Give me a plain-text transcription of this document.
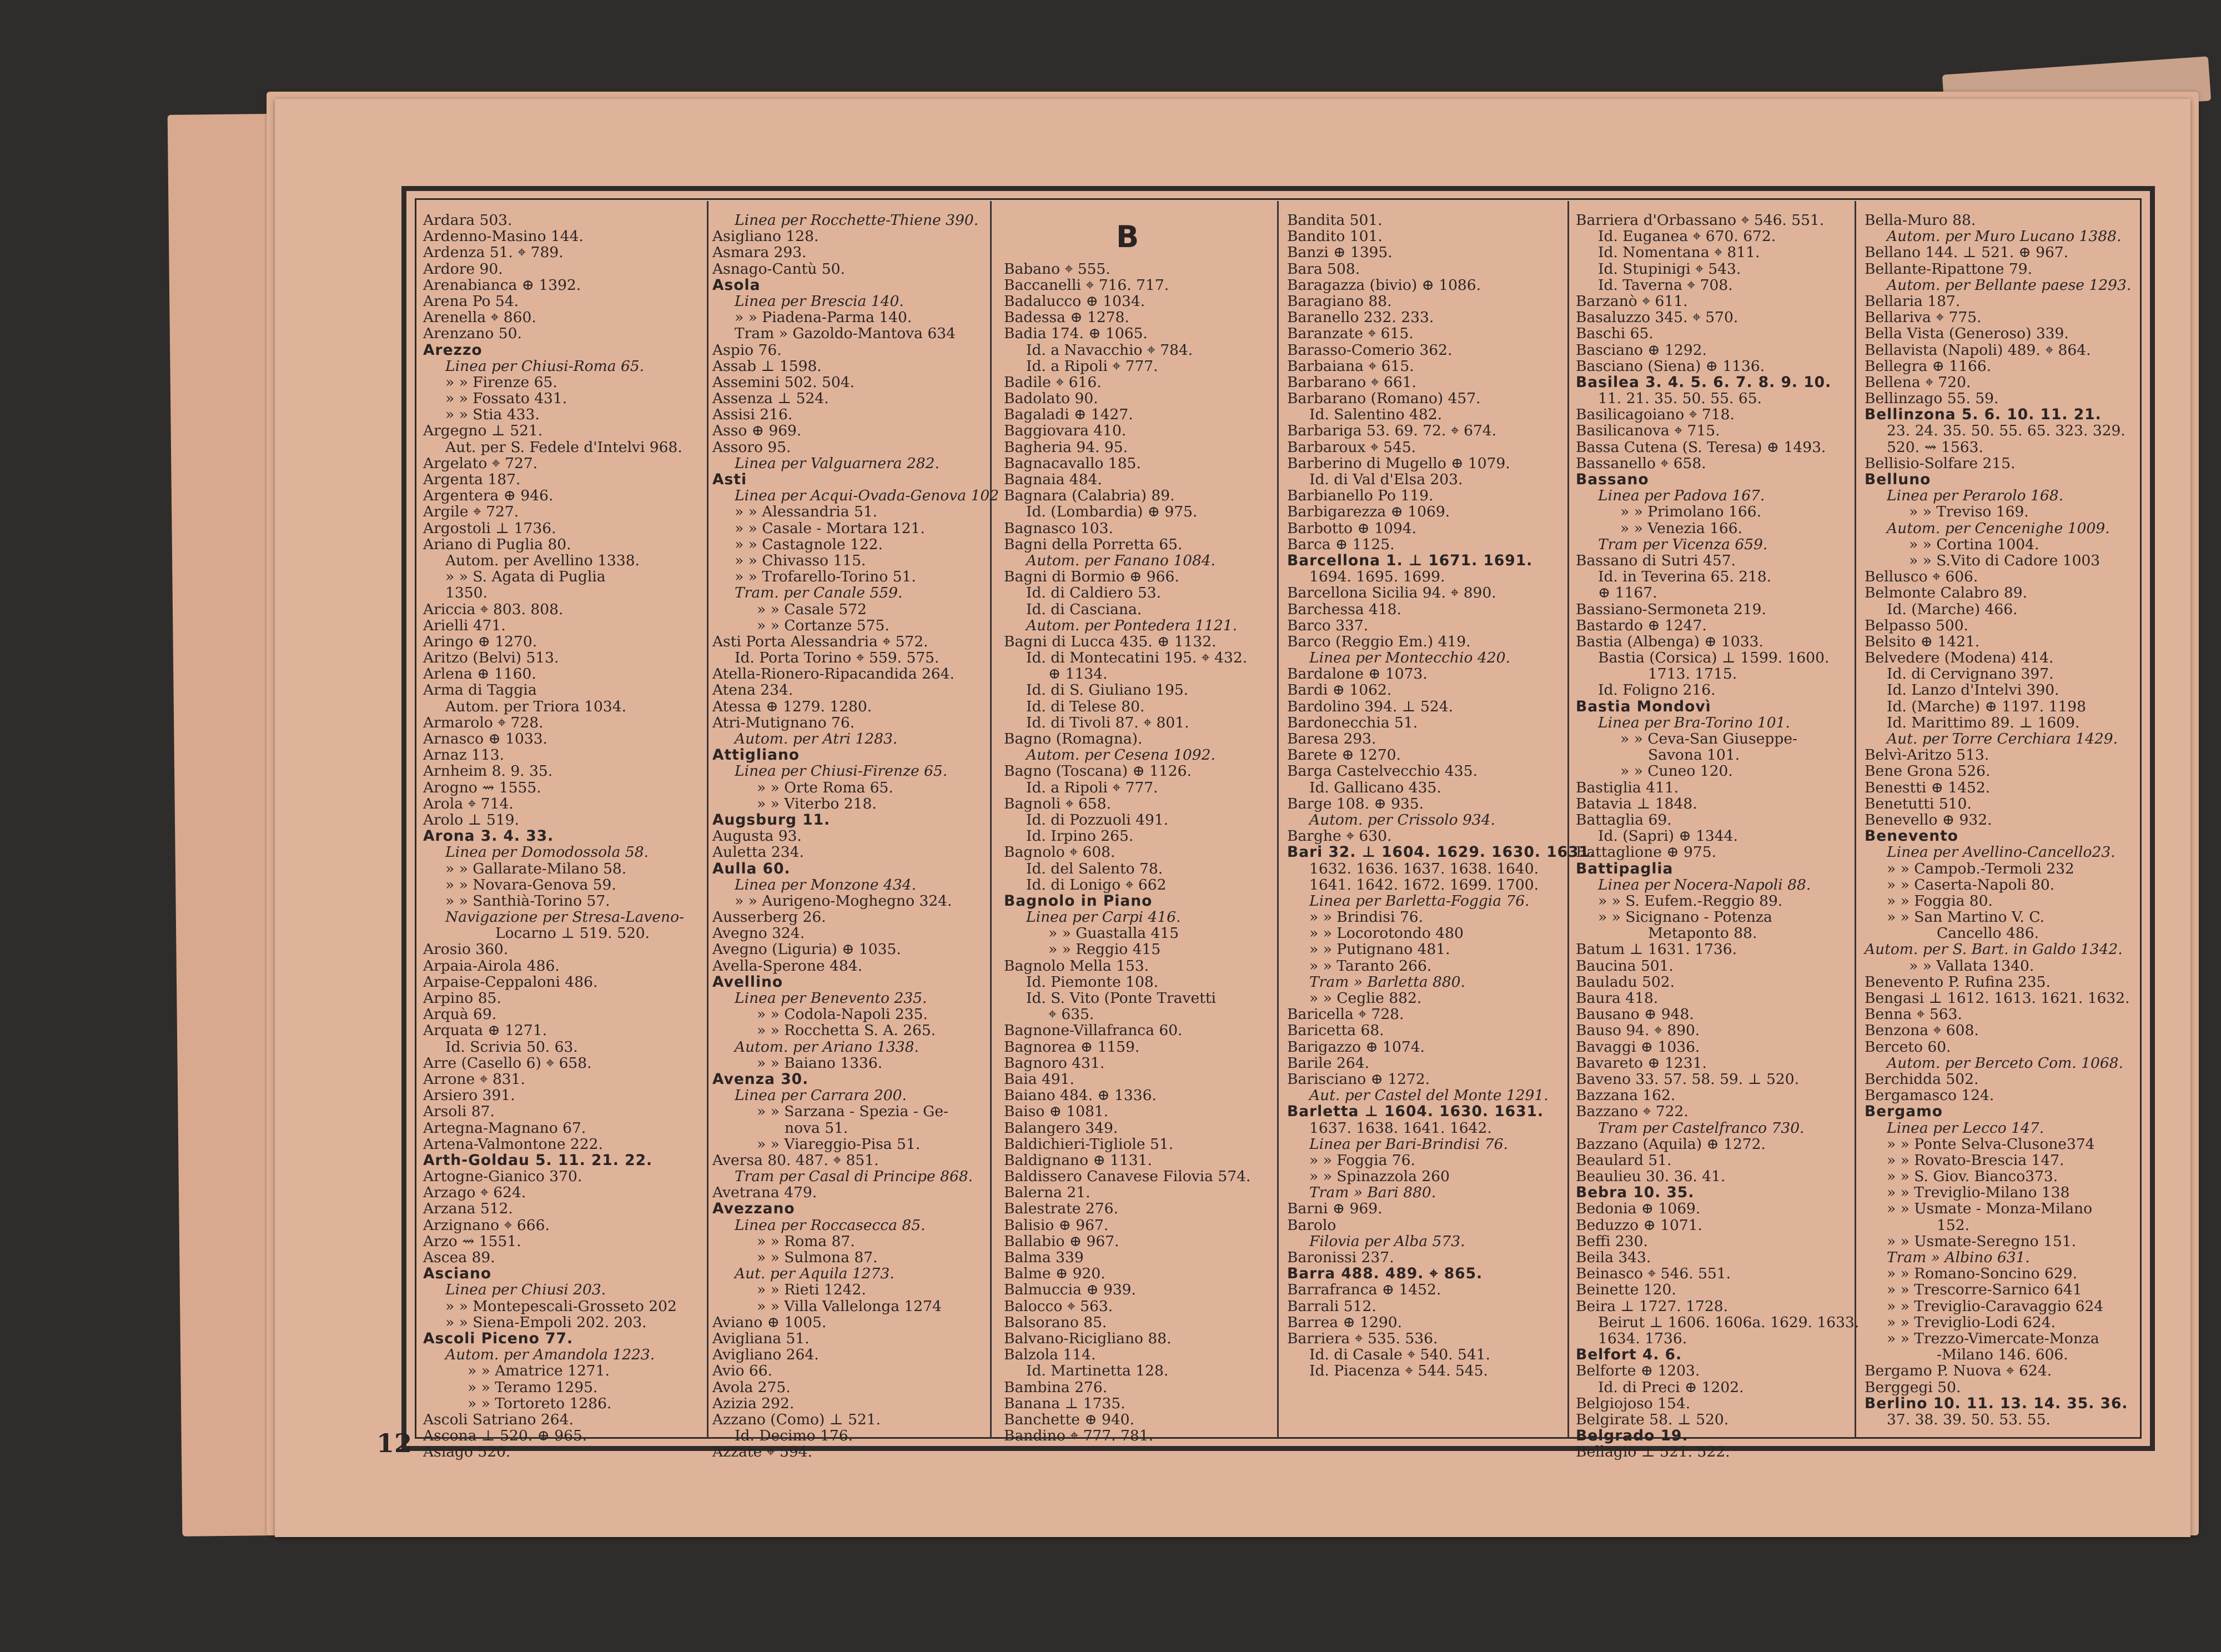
B
Ardara 503.
Ardenno-Masino 144.
Ardenza 51. ⌖ 789.
Ardore 90.
Arenabianca ⊕ 1392.
Arena Po 54.
Arenella ⌖ 860.
Arenzano 50.
Arezzo
Linea per Chiusi-Roma 65.
» » Firenze 65.
» » Fossato 431.
» » Stia 433.
Argegno ⊥ 521.
Aut. per S. Fedele d'Intelvi 968.
Argelato ⌖ 727.
Argenta 187.
Argentera ⊕ 946.
Argile ⌖ 727.
Argostoli ⊥ 1736.
Ariano di Puglia 80.
Autom. per Avellino 1338.
» » S. Agata di Puglia
1350.
Ariccia ⌖ 803. 808.
Arielli 471.
Aringo ⊕ 1270.
Aritzo (Belvi) 513.
Arlena ⊕ 1160.
Arma di Taggia
Autom. per Triora 1034.
Armarolo ⌖ 728.
Arnasco ⊕ 1033.
Arnaz 113.
Arnheim 8. 9. 35.
Arogno ⇝ 1555.
Arola ⌖ 714.
Arolo ⊥ 519.
Arona 3. 4. 33.
Linea per Domodossola 58.
» » Gallarate-Milano 58.
» » Novara-Genova 59.
» » Santhià-Torino 57.
Navigazione per Stresa-Laveno-
Locarno ⊥ 519. 520.
Arosio 360.
Arpaia-Airola 486.
Arpaise-Ceppaloni 486.
Arpino 85.
Arquà 69.
Arquata ⊕ 1271.
Id. Scrivia 50. 63.
Arre (Casello 6) ⌖ 658.
Arrone ⌖ 831.
Arsiero 391.
Arsoli 87.
Artegna-Magnano 67.
Artena-Valmontone 222.
Arth-Goldau 5. 11. 21. 22.
Artogne-Gianico 370.
Arzago ⌖ 624.
Arzana 512.
Arzignano ⌖ 666.
Arzo ⇝ 1551.
Ascea 89.
Asciano
Linea per Chiusi 203.
» » Montepescali-Grosseto 202
» » Siena-Empoli 202. 203.
Ascoli Piceno 77.
Autom. per Amandola 1223.
» » Amatrice 1271.
» » Teramo 1295.
» » Tortoreto 1286.
Ascoli Satriano 264.
Ascona ⊥ 520. ⊕ 965.
Asiago 520.
Linea per Rocchette-Thiene 390.
Asigliano 128.
Asmara 293.
Asnago-Cantù 50.
Asola
Linea per Brescia 140.
» » Piadena-Parma 140.
Tram » Gazoldo-Mantova 634
Aspio 76.
Assab ⊥ 1598.
Assemini 502. 504.
Assenza ⊥ 524.
Assisi 216.
Asso ⊕ 969.
Assoro 95.
Linea per Valguarnera 282.
Asti
Linea per Acqui-Ovada-Genova 102
» » Alessandria 51.
» » Casale - Mortara 121.
» » Castagnole 122.
» » Chivasso 115.
» » Trofarello-Torino 51.
Tram. per Canale 559.
» » Casale 572
» » Cortanze 575.
Asti Porta Alessandria ⌖ 572.
Id. Porta Torino ⌖ 559. 575.
Atella-Rionero-Ripacandida 264.
Atena 234.
Atessa ⊕ 1279. 1280.
Atri-Mutignano 76.
Autom. per Atri 1283.
Attigliano
Linea per Chiusi-Firenze 65.
» » Orte Roma 65.
» » Viterbo 218.
Augsburg 11.
Augusta 93.
Auletta 234.
Aulla 60.
Linea per Monzone 434.
» » Aurigeno-Moghegno 324.
Ausserberg 26.
Avegno 324.
Avegno (Liguria) ⊕ 1035.
Avella-Sperone 484.
Avellino
Linea per Benevento 235.
» » Codola-Napoli 235.
» » Rocchetta S. A. 265.
Autom. per Ariano 1338.
» » Baiano 1336.
Avenza 30.
Linea per Carrara 200.
» » Sarzana - Spezia - Ge-
nova 51.
» » Viareggio-Pisa 51.
Aversa 80. 487. ⌖ 851.
Tram per Casal di Principe 868.
Avetrana 479.
Avezzano
Linea per Roccasecca 85.
» » Roma 87.
» » Sulmona 87.
Aut. per Aquila 1273.
» » Rieti 1242.
» » Villa Vallelonga 1274
Aviano ⊕ 1005.
Avigliana 51.
Avigliano 264.
Avio 66.
Avola 275.
Azizia 292.
Azzano (Como) ⊥ 521.
Id. Decimo 176.
Azzate ⌖ 594.
Babano ⌖ 555.
Baccanelli ⌖ 716. 717.
Badalucco ⊕ 1034.
Badessa ⊕ 1278.
Badia 174. ⊕ 1065.
Id. a Navacchio ⌖ 784.
Id. a Ripoli ⌖ 777.
Badile ⌖ 616.
Badolato 90.
Bagaladi ⊕ 1427.
Baggiovara 410.
Bagheria 94. 95.
Bagnacavallo 185.
Bagnaia 484.
Bagnara (Calabria) 89.
Id. (Lombardia) ⊕ 975.
Bagnasco 103.
Bagni della Porretta 65.
Autom. per Fanano 1084.
Bagni di Bormio ⊕ 966.
Id. di Caldiero 53.
Id. di Casciana.
Autom. per Pontedera 1121.
Bagni di Lucca 435. ⊕ 1132.
Id. di Montecatini 195. ⌖ 432.
⊕ 1134.
Id. di S. Giuliano 195.
Id. di Telese 80.
Id. di Tivoli 87. ⌖ 801.
Bagno (Romagna).
Autom. per Cesena 1092.
Bagno (Toscana) ⊕ 1126.
Id. a Ripoli ⌖ 777.
Bagnoli ⌖ 658.
Id. di Pozzuoli 491.
Id. Irpino 265.
Bagnolo ⌖ 608.
Id. del Salento 78.
Id. di Lonigo ⌖ 662
Bagnolo in Piano
Linea per Carpi 416.
» » Guastalla 415
» » Reggio 415
Bagnolo Mella 153.
Id. Piemonte 108.
Id. S. Vito (Ponte Travetti
⌖ 635.
Bagnone-Villafranca 60.
Bagnorea ⊕ 1159.
Bagnoro 431.
Baia 491.
Baiano 484. ⊕ 1336.
Baiso ⊕ 1081.
Balangero 349.
Baldichieri-Tigliole 51.
Baldignano ⊕ 1131.
Baldissero Canavese Filovia 574.
Balerna 21.
Balestrate 276.
Balisio ⊕ 967.
Ballabio ⊕ 967.
Balma 339
Balme ⊕ 920.
Balmuccia ⊕ 939.
Balocco ⌖ 563.
Balsorano 85.
Balvano-Ricigliano 88.
Balzola 114.
Id. Martinetta 128.
Bambina 276.
Banana ⊥ 1735.
Banchette ⊕ 940.
Bandino ⌖ 777. 781.
Bandita 501.
Bandito 101.
Banzi ⊕ 1395.
Bara 508.
Baragazza (bivio) ⊕ 1086.
Baragiano 88.
Baranello 232. 233.
Baranzate ⌖ 615.
Barasso-Comerio 362.
Barbaiana ⌖ 615.
Barbarano ⌖ 661.
Barbarano (Romano) 457.
Id. Salentino 482.
Barbariga 53. 69. 72. ⌖ 674.
Barbaroux ⌖ 545.
Barberino di Mugello ⊕ 1079.
Id. di Val d'Elsa 203.
Barbianello Po 119.
Barbigarezza ⊕ 1069.
Barbotto ⊕ 1094.
Barca ⊕ 1125.
Barcellona 1. ⊥ 1671. 1691.
1694. 1695. 1699.
Barcellona Sicilia 94. ⌖ 890.
Barchessa 418.
Barco 337.
Barco (Reggio Em.) 419.
Linea per Montecchio 420.
Bardalone ⊕ 1073.
Bardi ⊕ 1062.
Bardolino 394. ⊥ 524.
Bardonecchia 51.
Baresa 293.
Barete ⊕ 1270.
Barga Castelvecchio 435.
Id. Gallicano 435.
Barge 108. ⊕ 935.
Autom. per Crissolo 934.
Barghe ⌖ 630.
Bari 32. ⊥ 1604. 1629. 1630. 1631.
1632. 1636. 1637. 1638. 1640.
1641. 1642. 1672. 1699. 1700.
Linea per Barletta-Foggia 76.
» » Brindisi 76.
» » Locorotondo 480
» » Putignano 481.
» » Taranto 266.
Tram » Barletta 880.
» » Ceglie 882.
Baricella ⌖ 728.
Baricetta 68.
Barigazzo ⊕ 1074.
Barile 264.
Barisciano ⊕ 1272.
Aut. per Castel del Monte 1291.
Barletta ⊥ 1604. 1630. 1631.
1637. 1638. 1641. 1642.
Linea per Bari-Brindisi 76.
» » Foggia 76.
» » Spinazzola 260
Tram » Bari 880.
Barni ⊕ 969.
Barolo
Filovia per Alba 573.
Baronissi 237.
Barra 488. 489. ⌖ 865.
Barrafranca ⊕ 1452.
Barrali 512.
Barrea ⊕ 1290.
Barriera ⌖ 535. 536.
Id. di Casale ⌖ 540. 541.
Id. Piacenza ⌖ 544. 545.
Barriera d'Orbassano ⌖ 546. 551.
Id. Euganea ⌖ 670. 672.
Id. Nomentana ⌖ 811.
Id. Stupinigi ⌖ 543.
Id. Taverna ⌖ 708.
Barzanò ⌖ 611.
Basaluzzo 345. ⌖ 570.
Baschi 65.
Basciano ⊕ 1292.
Basciano (Siena) ⊕ 1136.
Basilea 3. 4. 5. 6. 7. 8. 9. 10.
11. 21. 35. 50. 55. 65.
Basilicagoiano ⌖ 718.
Basilicanova ⌖ 715.
Bassa Cutena (S. Teresa) ⊕ 1493.
Bassanello ⌖ 658.
Bassano
Linea per Padova 167.
» » Primolano 166.
» » Venezia 166.
Tram per Vicenza 659.
Bassano di Sutri 457.
Id. in Teverina 65. 218.
⊕ 1167.
Bassiano-Sermoneta 219.
Bastardo ⊕ 1247.
Bastia (Albenga) ⊕ 1033.
Bastia (Corsica) ⊥ 1599. 1600.
1713. 1715.
Id. Foligno 216.
Bastia Mondovì
Linea per Bra-Torino 101.
» » Ceva-San Giuseppe-
Savona 101.
» » Cuneo 120.
Bastiglia 411.
Batavia ⊥ 1848.
Battaglia 69.
Id. (Sapri) ⊕ 1344.
Battaglione ⊕ 975.
Battipaglia
Linea per Nocera-Napoli 88.
» » S. Eufem.-Reggio 89.
» » Sicignano - Potenza
Metaponto 88.
Batum ⊥ 1631. 1736.
Baucina 501.
Bauladu 502.
Baura 418.
Bausano ⊕ 948.
Bauso 94. ⌖ 890.
Bavaggi ⊕ 1036.
Bavareto ⊕ 1231.
Baveno 33. 57. 58. 59. ⊥ 520.
Bazzana 162.
Bazzano ⌖ 722.
Tram per Castelfranco 730.
Bazzano (Aquila) ⊕ 1272.
Beaulard 51.
Beaulieu 30. 36. 41.
Bebra 10. 35.
Bedonia ⊕ 1069.
Beduzzo ⊕ 1071.
Beffi 230.
Beila 343.
Beinasco ⌖ 546. 551.
Beinette 120.
Beira ⊥ 1727. 1728.
Beirut ⊥ 1606. 1606a. 1629. 1633.
1634. 1736.
Belfort 4. 6.
Belforte ⊕ 1203.
Id. di Preci ⊕ 1202.
Belgiojoso 154.
Belgirate 58. ⊥ 520.
Belgrado 19.
Bellagio ⊥ 521. 522.
Bella-Muro 88.
Autom. per Muro Lucano 1388.
Bellano 144. ⊥ 521. ⊕ 967.
Bellante-Ripattone 79.
Autom. per Bellante paese 1293.
Bellaria 187.
Bellariva ⌖ 775.
Bella Vista (Generoso) 339.
Bellavista (Napoli) 489. ⌖ 864.
Bellegra ⊕ 1166.
Bellena ⌖ 720.
Bellinzago 55. 59.
Bellinzona 5. 6. 10. 11. 21.
23. 24. 35. 50. 55. 65. 323. 329.
520. ⇝ 1563.
Bellisio-Solfare 215.
Belluno
Linea per Perarolo 168.
» » Treviso 169.
Autom. per Cencenighe 1009.
» » Cortina 1004.
» » S.Vito di Cadore 1003
Bellusco ⌖ 606.
Belmonte Calabro 89.
Id. (Marche) 466.
Belpasso 500.
Belsito ⊕ 1421.
Belvedere (Modena) 414.
Id. di Cervignano 397.
Id. Lanzo d'Intelvi 390.
Id. (Marche) ⊕ 1197. 1198
Id. Marittimo 89. ⊥ 1609.
Aut. per Torre Cerchiara 1429.
Belvì-Aritzo 513.
Bene Grona 526.
Benestti ⊕ 1452.
Benetutti 510.
Benevello ⊕ 932.
Benevento
Linea per Avellino-Cancello23.
» » Campob.-Termoli 232
» » Caserta-Napoli 80.
» » Foggia 80.
» » San Martino V. C.
Cancello 486.
Autom. per S. Bart. in Galdo 1342.
» » Vallata 1340.
Benevento P. Rufina 235.
Bengasi ⊥ 1612. 1613. 1621. 1632.
Benna ⌖ 563.
Benzona ⌖ 608.
Berceto 60.
Autom. per Berceto Com. 1068.
Berchidda 502.
Bergamasco 124.
Bergamo
Linea per Lecco 147.
» » Ponte Selva-Clusone374
» » Rovato-Brescia 147.
» » S. Giov. Bianco373.
» » Treviglio-Milano 138
» » Usmate - Monza-Milano
152.
» » Usmate-Seregno 151.
Tram » Albino 631.
» » Romano-Soncino 629.
» » Trescorre-Sarnico 641
» » Treviglio-Caravaggio 624
» » Treviglio-Lodi 624.
» » Trezzo-Vimercate-Monza
-Milano 146. 606.
Bergamo P. Nuova ⌖ 624.
Berggegi 50.
Berlino 10. 11. 13. 14. 35. 36.
37. 38. 39. 50. 53. 55.
12
